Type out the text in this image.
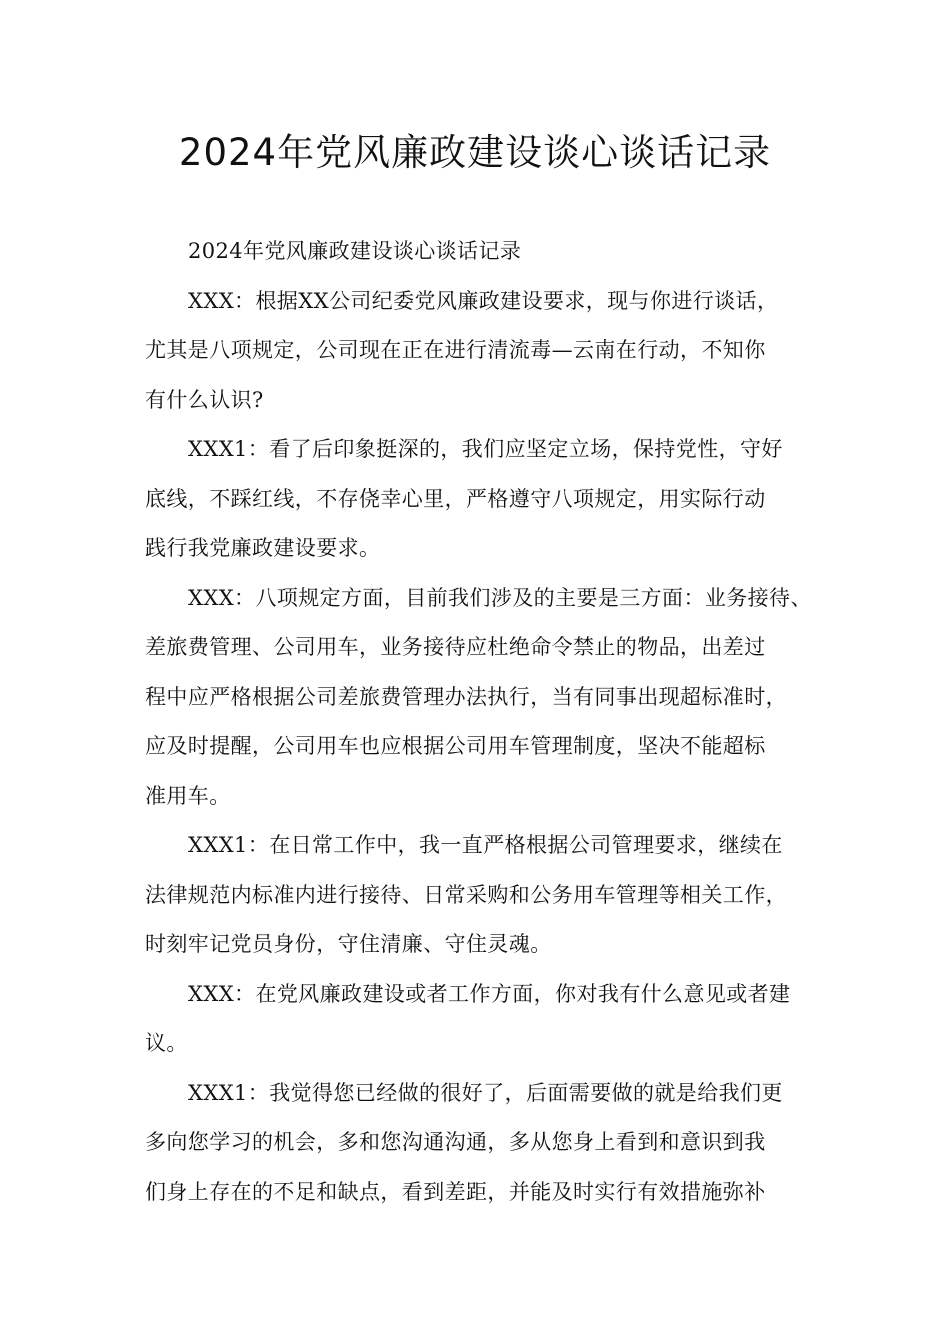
2024年党风廉政建设谈心谈话记录

2024年党风廉政建设谈心谈话记录

XXX：根据XX公司纪委党风廉政建设要求，现与你进行谈话，
尤其是八项规定，公司现在正在进行清流毒—云南在行动，不知你
有什么认识?

XXX1：看了后印象挺深的，我们应坚定立场，保持党性，守好
底线，不踩红线，不存侥幸心里，严格遵守八项规定，用实际行动
践行我党廉政建设要求。

XXX：八项规定方面，目前我们涉及的主要是三方面：业务接待、
差旅费管理、公司用车，业务接待应杜绝命令禁止的物品，出差过
程中应严格根据公司差旅费管理办法执行，当有同事出现超标准时，
应及时提醒，公司用车也应根据公司用车管理制度，坚决不能超标
准用车。

XXX1：在日常工作中，我一直严格根据公司管理要求，继续在
法律规范内标准内进行接待、日常采购和公务用车管理等相关工作，
时刻牢记党员身份，守住清廉、守住灵魂。

XXX：在党风廉政建设或者工作方面，你对我有什么意见或者建
议。

XXX1：我觉得您已经做的很好了，后面需要做的就是给我们更
多向您学习的机会，多和您沟通沟通，多从您身上看到和意识到我
们身上存在的不足和缺点，看到差距，并能及时实行有效措施弥补
